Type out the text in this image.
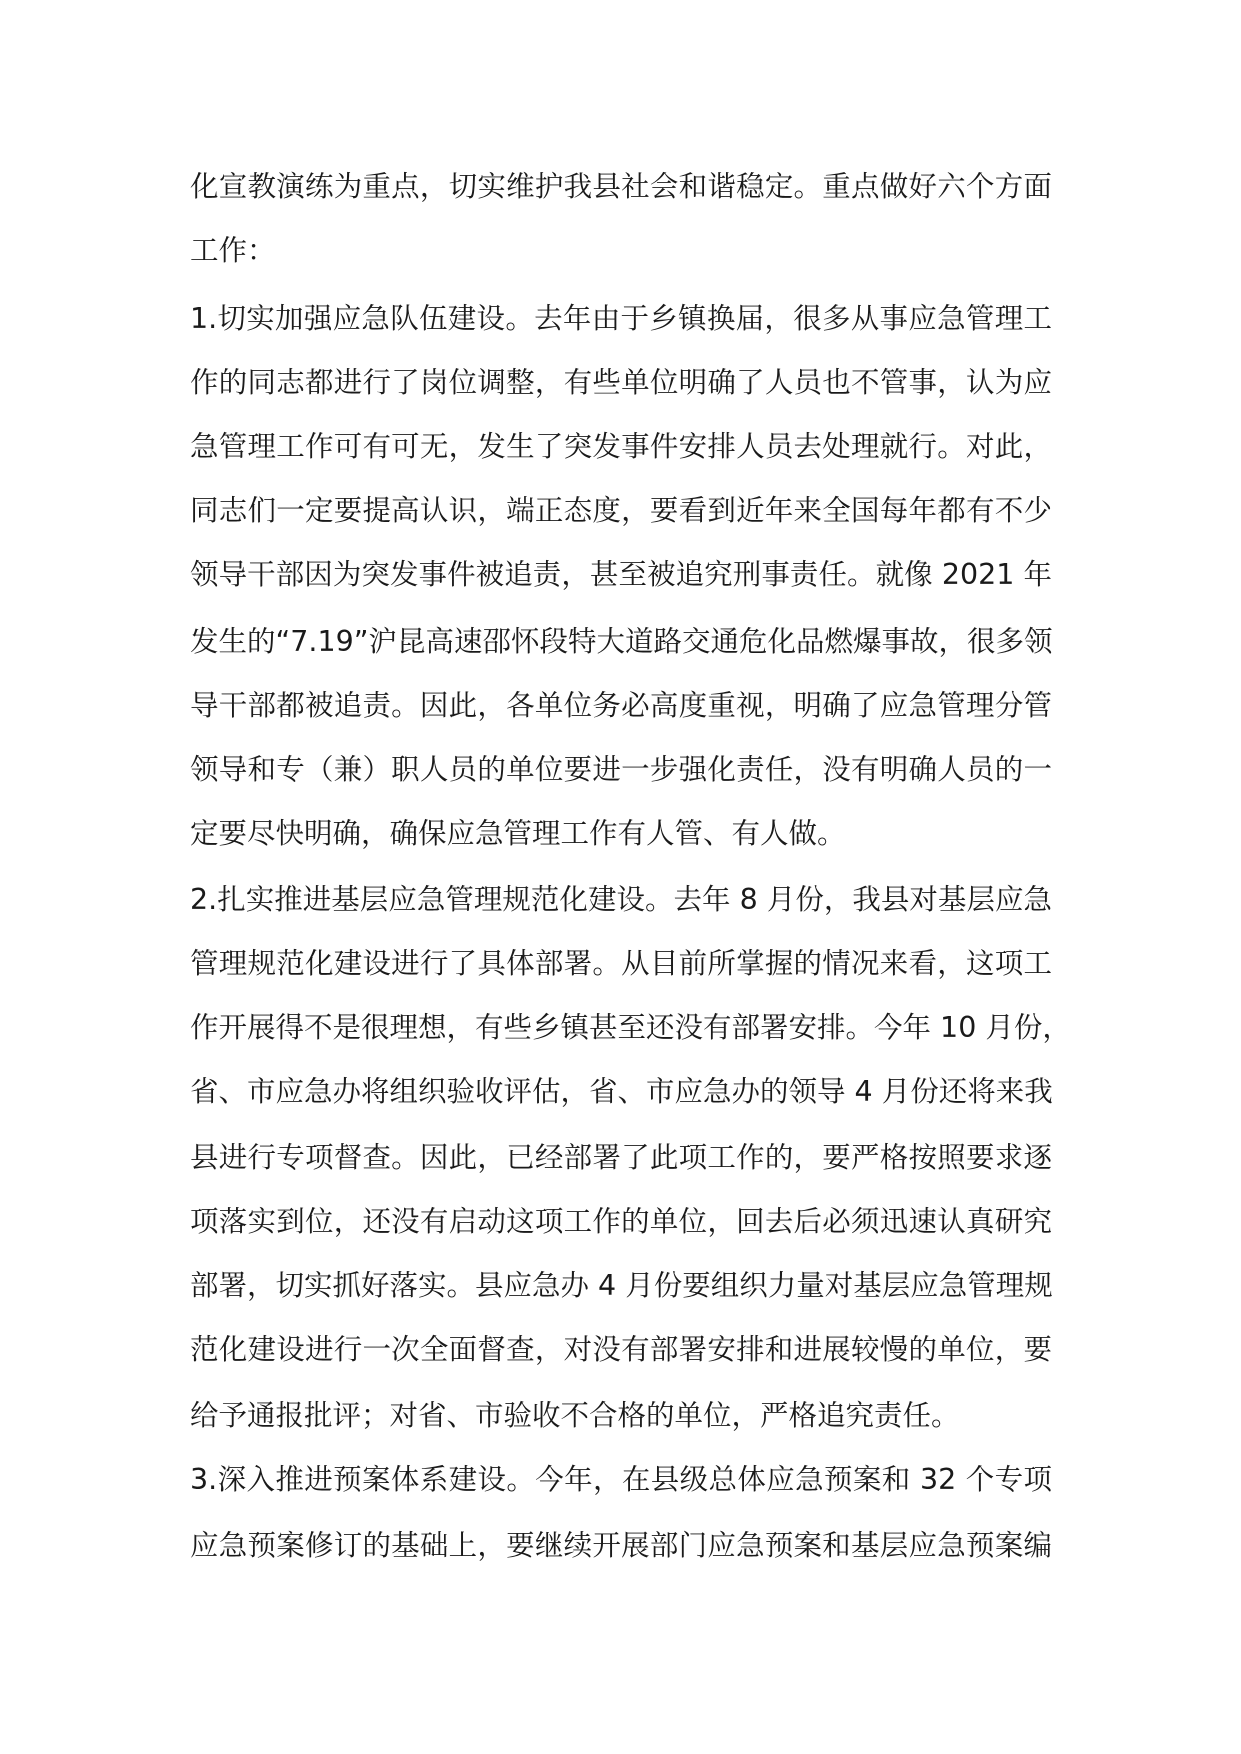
化宣教演练为重点，切实维护我县社会和谐稳定。重点做好六个方面
工作：
1.切实加强应急队伍建设。去年由于乡镇换届，很多从事应急管理工
作的同志都进行了岗位调整，有些单位明确了人员也不管事，认为应
急管理工作可有可无，发生了突发事件安排人员去处理就行。对此，
同志们一定要提高认识，端正态度，要看到近年来全国每年都有不少
领导干部因为突发事件被追责，甚至被追究刑事责任。就像 2021 年
发生的“7.19”沪昆高速邵怀段特大道路交通危化品燃爆事故，很多领
导干部都被追责。因此，各单位务必高度重视，明确了应急管理分管
领导和专（兼）职人员的单位要进一步强化责任，没有明确人员的一
定要尽快明确，确保应急管理工作有人管、有人做。
2.扎实推进基层应急管理规范化建设。去年 8 月份，我县对基层应急
管理规范化建设进行了具体部署。从目前所掌握的情况来看，这项工
作开展得不是很理想，有些乡镇甚至还没有部署安排。今年 10 月份，
省、市应急办将组织验收评估，省、市应急办的领导 4 月份还将来我
县进行专项督查。因此，已经部署了此项工作的，要严格按照要求逐
项落实到位，还没有启动这项工作的单位，回去后必须迅速认真研究
部署，切实抓好落实。县应急办 4 月份要组织力量对基层应急管理规
范化建设进行一次全面督查，对没有部署安排和进展较慢的单位，要
给予通报批评；对省、市验收不合格的单位，严格追究责任。
3.深入推进预案体系建设。今年，在县级总体应急预案和 32 个专项
应急预案修订的基础上，要继续开展部门应急预案和基层应急预案编
